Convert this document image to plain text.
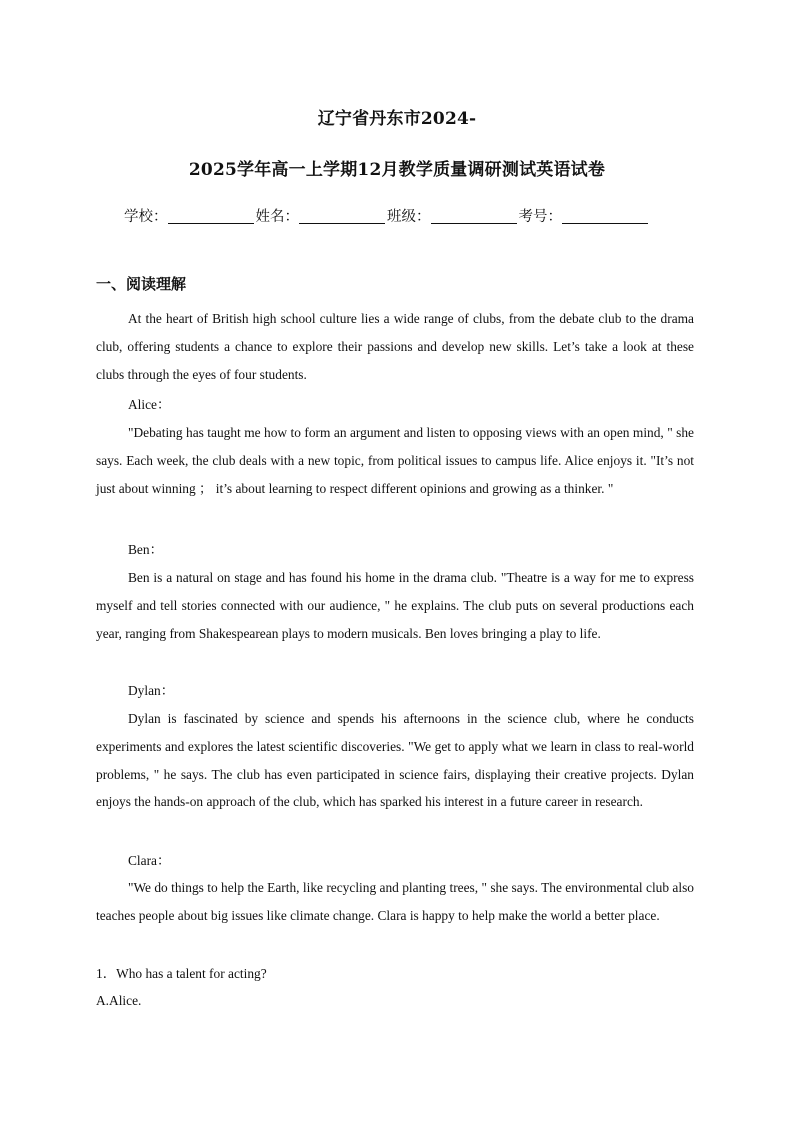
辽宁省丹东市2024-
2025学年高一上学期12月教学质量调研测试英语试卷
学校：	姓名：	班级：	考号：
一、阅读理解

At the heart of British high school culture lies a wide range of clubs, from the debate club to the drama club, offering students a chance to explore their passions and develop new skills. Let’s take a look at these clubs through the eyes of four students.

Alice：

"Debating has taught me how to form an argument and listen to opposing views with an open mind, " she says. Each week, the club deals with a new topic, from political issues to campus life. Alice enjoys it. "It’s not just about winning ； it’s about learning to respect different opinions and growing as a thinker. "

Ben：

Ben is a natural on stage and has found his home in the drama club. "Theatre is a way for me to express myself and tell stories connected with our audience, " he explains. The club puts on several productions each year, ranging from Shakespearean plays to modern musicals. Ben loves bringing a play to life.

Dylan：

Dylan is fascinated by science and spends his afternoons in the science club, where he conducts experiments and explores the latest scientific discoveries. "We get to apply what we learn in class to real-world problems, " he says. The club has even participated in science fairs, displaying their creative projects. Dylan enjoys the hands-on approach of the club, which has sparked his interest in a future career in research.

Clara：

"We do things to help the Earth, like recycling and planting trees, " she says. The environmental club also teaches people about big issues like climate change. Clara is happy to help make the world a better place.

1．Who has a talent for acting?
A.Alice.
